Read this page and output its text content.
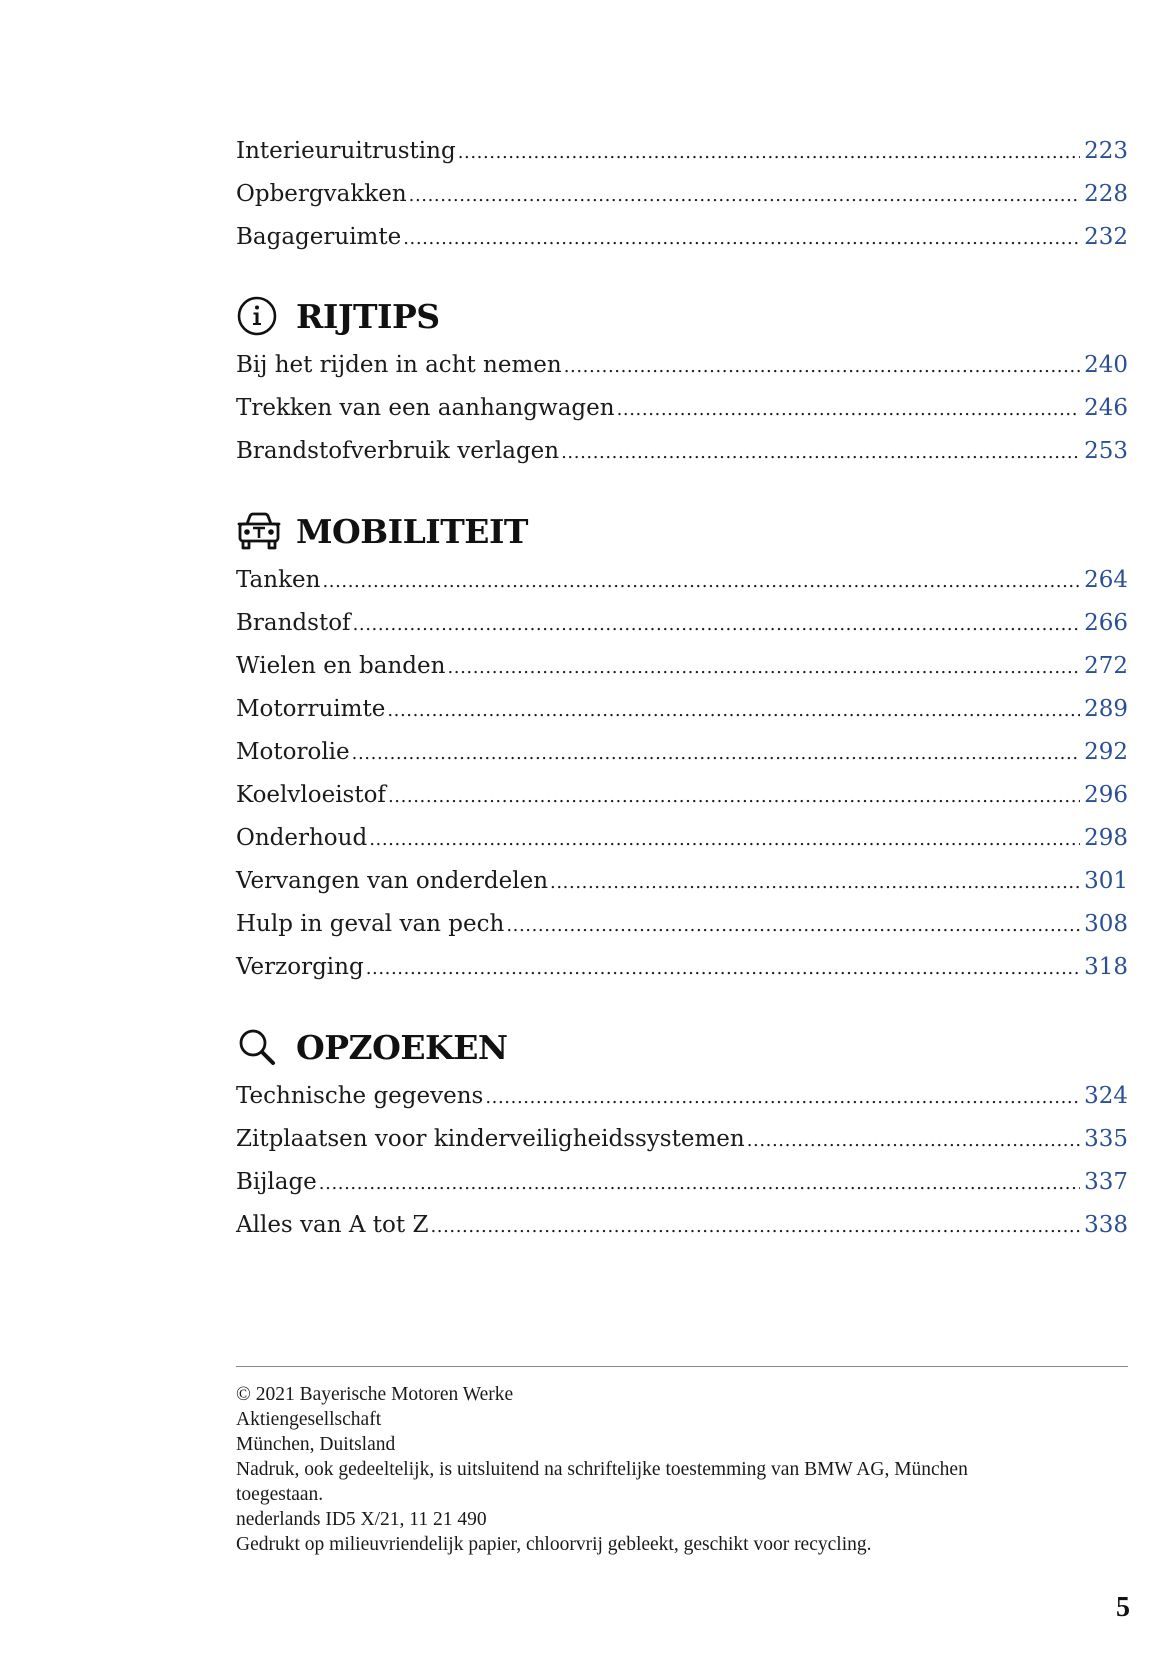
Interieuruitrusting .....	223
Opbergvakken .....	228
Bagageruimte .....	232
RIJTIPS
Bij het rijden in acht nemen .....	240
Trekken van een aanhangwagen .....	246
Brandstofverbruik verlagen .....	253
MOBILITEIT
Tanken .....	264
Brandstof .....	266
Wielen en banden .....	272
Motorruimte .....	289
Motorolie .....	292
Koelvloeistof .....	296
Onderhoud .....	298
Vervangen van onderdelen .....	301
Hulp in geval van pech .....	308
Verzorging .....	318
OPZOEKEN
Technische gegevens .....	324
Zitplaatsen voor kinderveiligheidssystemen .....	335
Bijlage .....	337
Alles van A tot Z .....	338
© 2021 Bayerische Motoren Werke
Aktiengesellschaft
München, Duitsland
Nadruk, ook gedeeltelijk, is uitsluitend na schriftelijke toestemming van BMW AG, München
toegestaan.
nederlands ID5 X/21, 11 21 490
Gedrukt op milieuvriendelijk papier, chloorvrij gebleekt, geschikt voor recycling.
5
